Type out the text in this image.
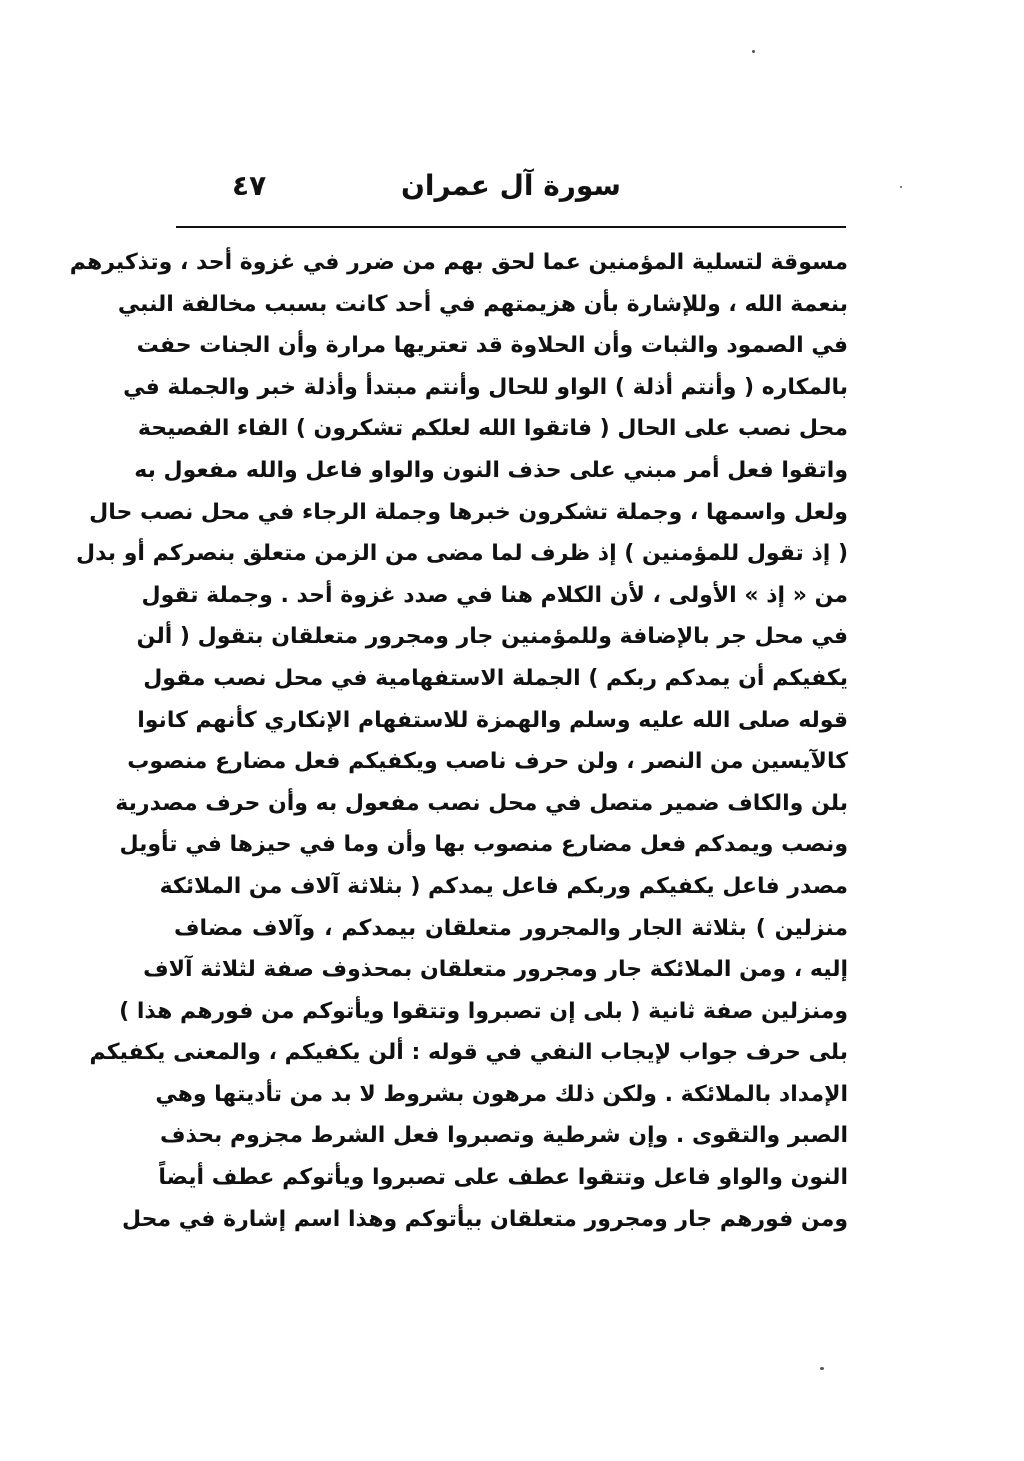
سورة آل عمران
٤٧
مسوقة لتسلية المؤمنين عما لحق بهم من ضرر في غزوة أحد ، وتذكيرهم
بنعمة الله ، وللإشارة بأن هزيمتهم في أحد كانت بسبب مخالفة النبي
في الصمود والثبات وأن الحلاوة قد تعتريها مرارة وأن الجنات حفت
بالمكاره ( وأنتم أذلة ) الواو للحال وأنتم مبتدأ وأذلة خبر والجملة في
محل نصب على الحال ( فاتقوا الله لعلكم تشكرون ) الفاء الفصيحة
واتقوا فعل أمر مبني على حذف النون والواو فاعل والله مفعول به
ولعل واسمها ، وجملة تشكرون خبرها وجملة الرجاء في محل نصب حال
( إذ تقول للمؤمنين ) إذ ظرف لما مضى من الزمن متعلق بنصركم أو بدل
من « إذ » الأولى ، لأن الكلام هنا في صدد غزوة أحد . وجملة تقول
في محل جر بالإضافة وللمؤمنين جار ومجرور متعلقان بتقول ( ألن
يكفيكم أن يمدكم ربكم ) الجملة الاستفهامية في محل نصب مقول
قوله صلى الله عليه وسلم والهمزة للاستفهام الإنكاري كأنهم كانوا
كالآيسين من النصر ، ولن حرف ناصب ويكفيكم فعل مضارع منصوب
بلن والكاف ضمير متصل في محل نصب مفعول به وأن حرف مصدرية
ونصب ويمدكم فعل مضارع منصوب بها وأن وما في حيزها في تأويل
مصدر فاعل يكفيكم وربكم فاعل يمدكم ( بثلاثة آلاف من الملائكة
منزلين ) بثلاثة الجار والمجرور متعلقان بيمدكم ، وآلاف مضاف
إليه ، ومن الملائكة جار ومجرور متعلقان بمحذوف صفة لثلاثة آلاف
ومنزلين صفة ثانية ( بلى إن تصبروا وتتقوا ويأتوكم من فورهم هذا )
بلى حرف جواب لإيجاب النفي في قوله : ألن يكفيكم ، والمعنى يكفيكم
الإمداد بالملائكة . ولكن ذلك مرهون بشروط لا بد من تأديتها وهي
الصبر والتقوى . وإن شرطية وتصبروا فعل الشرط مجزوم بحذف
النون والواو فاعل وتتقوا عطف على تصبروا ويأتوكم عطف أيضاً
ومن فورهم جار ومجرور متعلقان بيأتوكم وهذا اسم إشارة في محل
